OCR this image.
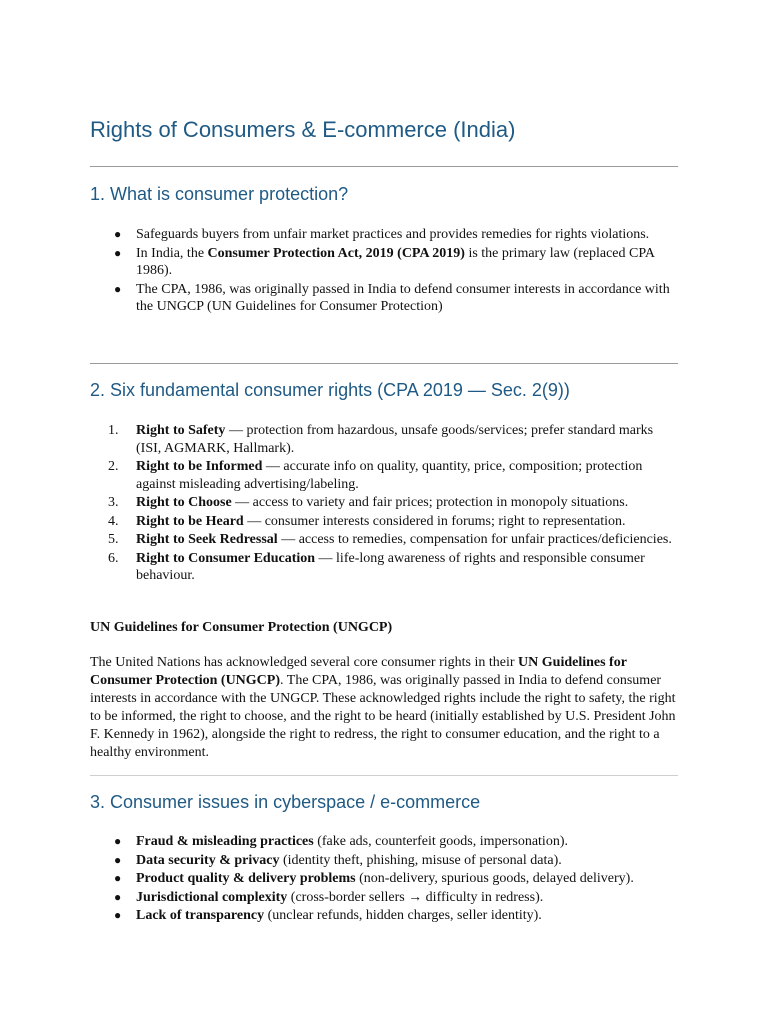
Rights of Consumers & E-commerce (India)
1. What is consumer protection?
●	Safeguards buyers from unfair market practices and provides remedies for rights violations.
●	In India, the Consumer Protection Act, 2019 (CPA 2019) is the primary law (replaced CPA 1986).
●	The CPA, 1986, was originally passed in India to defend consumer interests in accordance with the UNGCP (UN Guidelines for Consumer Protection)
2. Six fundamental consumer rights (CPA 2019 — Sec. 2(9))
1.	Right to Safety — protection from hazardous, unsafe goods/services; prefer standard marks (ISI, AGMARK, Hallmark).
2.	Right to be Informed — accurate info on quality, quantity, price, composition; protection against misleading advertising/labeling.
3.	Right to Choose — access to variety and fair prices; protection in monopoly situations.
4.	Right to be Heard — consumer interests considered in forums; right to representation.
5.	Right to Seek Redressal — access to remedies, compensation for unfair practices/deficiencies.
6.	Right to Consumer Education — life-long awareness of rights and responsible consumer behaviour.

UN Guidelines for Consumer Protection (UNGCP)

The United Nations has acknowledged several core consumer rights in their UN Guidelines for Consumer Protection (UNGCP). The CPA, 1986, was originally passed in India to defend consumer interests in accordance with the UNGCP. These acknowledged rights include the right to safety, the right to be informed, the right to choose, and the right to be heard (initially established by U.S. President John F. Kennedy in 1962), alongside the right to redress, the right to consumer education, and the right to a healthy environment.

3. Consumer issues in cyberspace / e-commerce
●	Fraud & misleading practices (fake ads, counterfeit goods, impersonation).
●	Data security & privacy (identity theft, phishing, misuse of personal data).
●	Product quality & delivery problems (non-delivery, spurious goods, delayed delivery).
●	Jurisdictional complexity (cross-border sellers → difficulty in redress).
●	Lack of transparency (unclear refunds, hidden charges, seller identity).
